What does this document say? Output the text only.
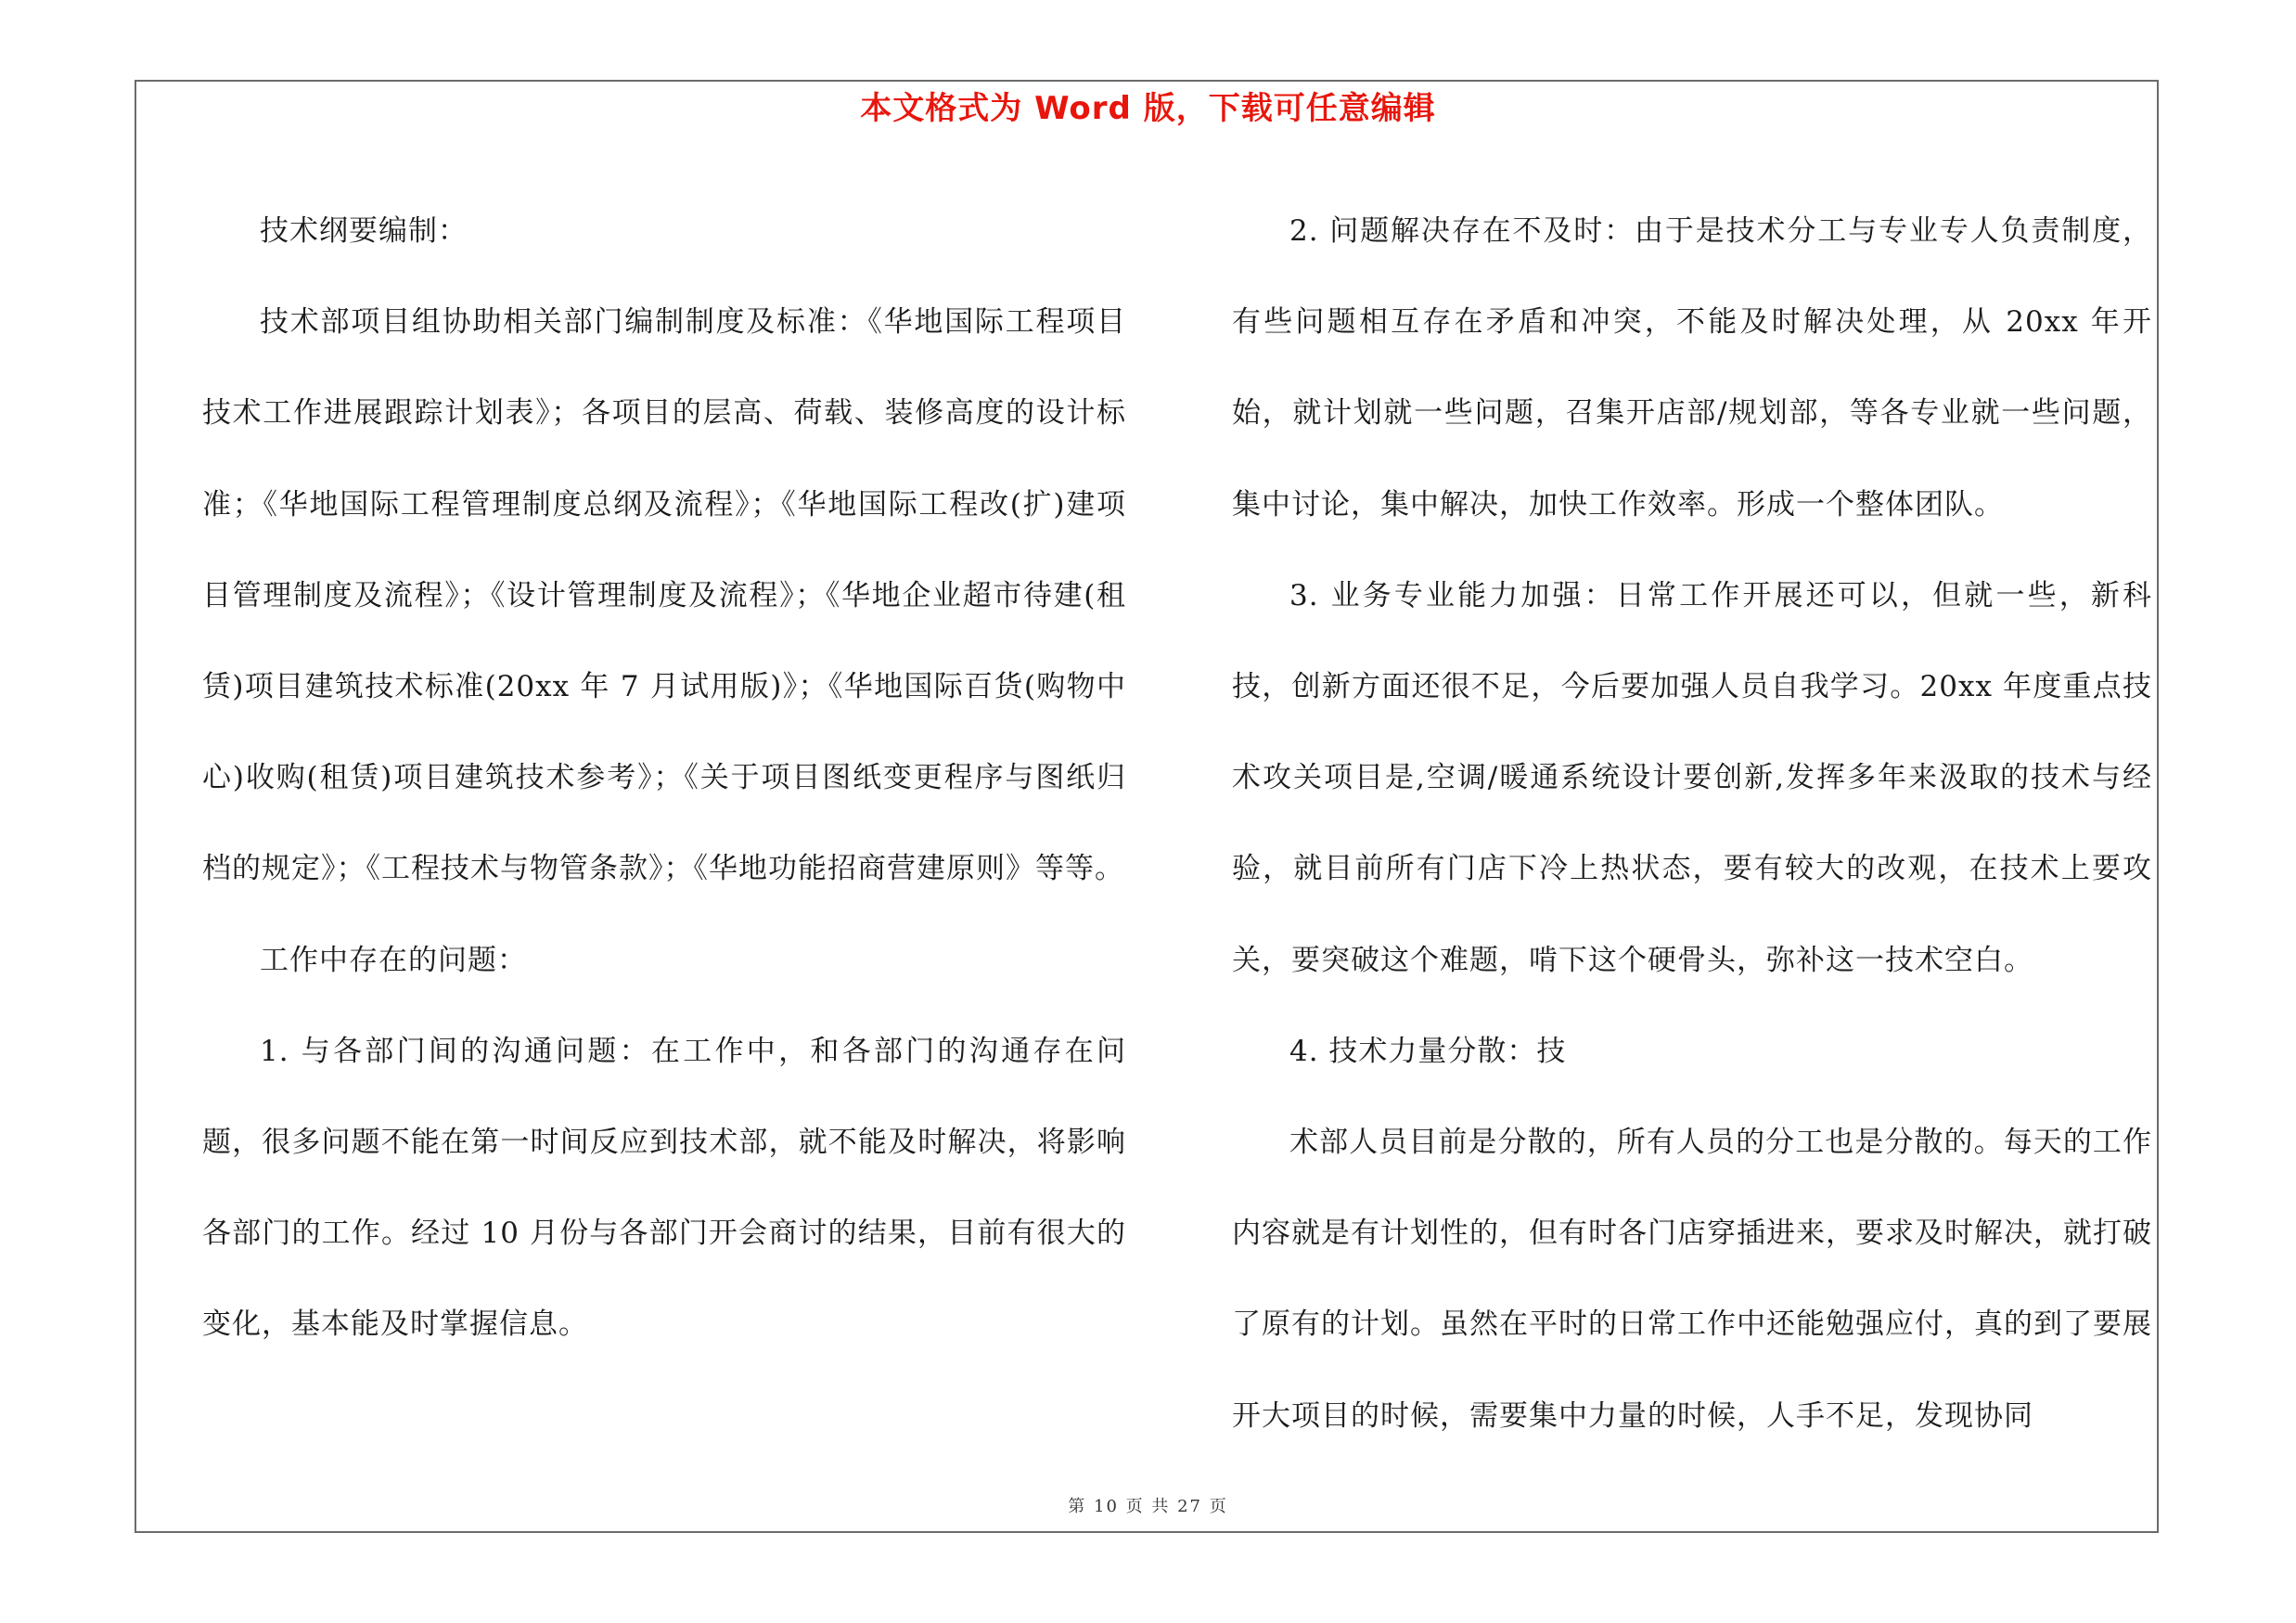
本文格式为 Word 版，下载可任意编辑

技术纲要编制：

技术部项目组协助相关部门编制制度及标准：《华地国际工程项目技术工作进展跟踪计划表》；各项目的层高、荷载、装修高度的设计标准；《华地国际工程管理制度总纲及流程》；《华地国际工程改(扩)建项目管理制度及流程》；《设计管理制度及流程》；《华地企业超市待建(租赁)项目建筑技术标准(20xx 年 7 月试用版)》；《华地国际百货(购物中心)收购(租赁)项目建筑技术参考》；《关于项目图纸变更程序与图纸归档的规定》；《工程技术与物管条款》；《华地功能招商营建原则》等等。

工作中存在的问题：

1. 与各部门间的沟通问题：在工作中，和各部门的沟通存在问题，很多问题不能在第一时间反应到技术部，就不能及时解决，将影响各部门的工作。经过 10 月份与各部门开会商讨的结果，目前有很大的变化，基本能及时掌握信息。

2. 问题解决存在不及时：由于是技术分工与专业专人负责制度，有些问题相互存在矛盾和冲突，不能及时解决处理，从 20xx 年开始，就计划就一些问题，召集开店部/规划部，等各专业就一些问题，集中讨论，集中解决，加快工作效率。形成一个整体团队。

3. 业务专业能力加强：日常工作开展还可以，但就一些，新科技，创新方面还很不足，今后要加强人员自我学习。20xx 年度重点技术攻关项目是,空调/暖通系统设计要创新,发挥多年来汲取的技术与经验，就目前所有门店下冷上热状态，要有较大的改观，在技术上要攻关，要突破这个难题，啃下这个硬骨头，弥补这一技术空白。

4. 技术力量分散：技

术部人员目前是分散的，所有人员的分工也是分散的。每天的工作内容就是有计划性的，但有时各门店穿插进来，要求及时解决，就打破了原有的计划。虽然在平时的日常工作中还能勉强应付，真的到了要展开大项目的时候，需要集中力量的时候，人手不足，发现协同

第 10 页 共 27 页
